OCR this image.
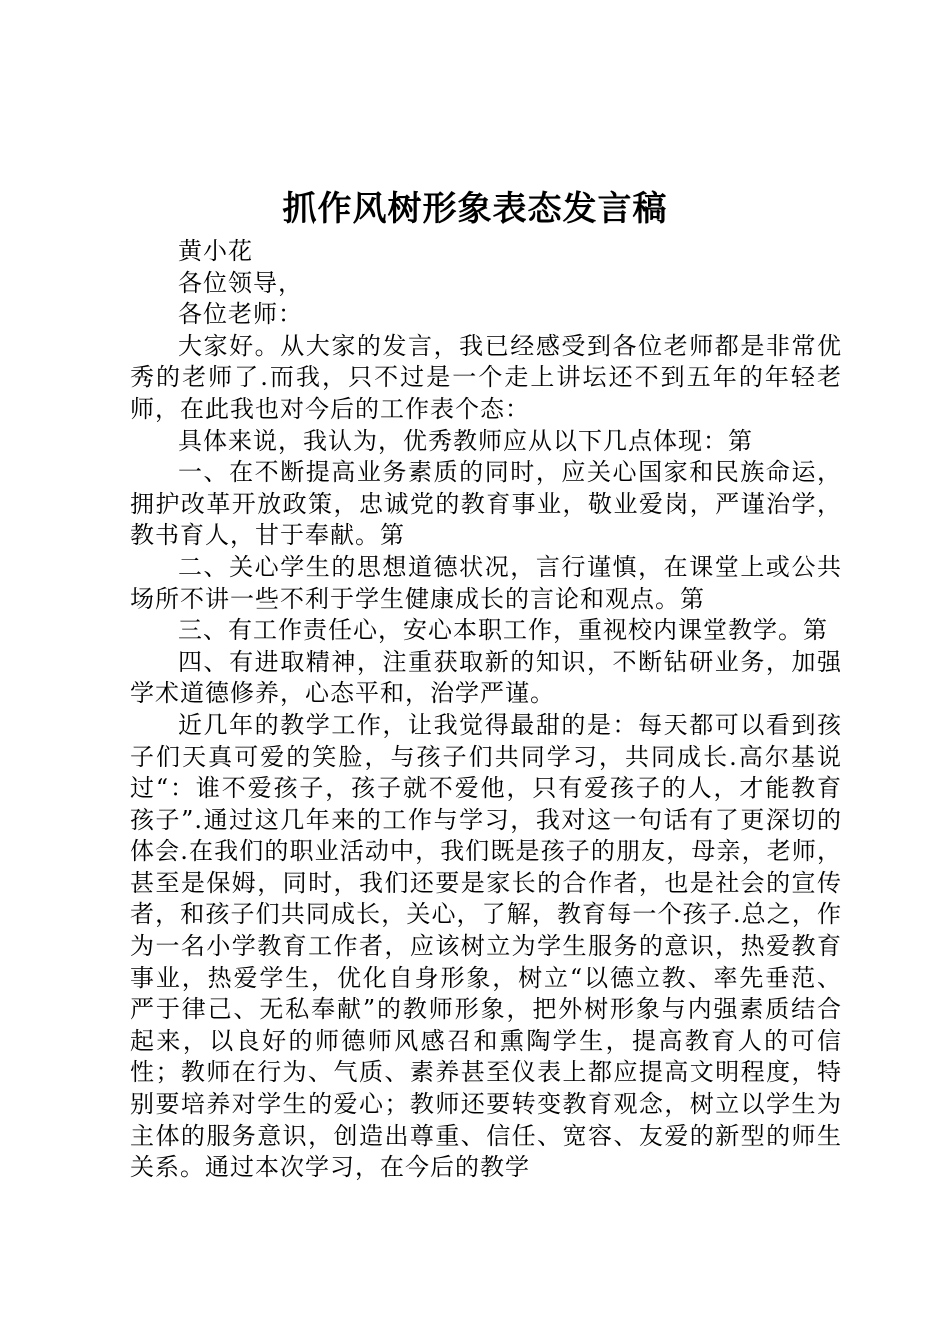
抓作风树形象表态发言稿

黄小花

各位领导，

各位老师：

大家好。从大家的发言，我已经感受到各位老师都是非常优秀的老师了.而我，只不过是一个走上讲坛还不到五年的年轻老师，在此我也对今后的工作表个态：

具体来说，我认为，优秀教师应从以下几点体现：第

一、在不断提高业务素质的同时，应关心国家和民族命运，拥护改革开放政策，忠诚党的教育事业，敬业爱岗，严谨治学，教书育人，甘于奉献。第

二、关心学生的思想道德状况，言行谨慎，在课堂上或公共场所不讲一些不利于学生健康成长的言论和观点。第

三、有工作责任心，安心本职工作，重视校内课堂教学。第

四、有进取精神，注重获取新的知识，不断钻研业务，加强学术道德修养，心态平和，治学严谨。

近几年的教学工作，让我觉得最甜的是：每天都可以看到孩子们天真可爱的笑脸，与孩子们共同学习，共同成长.高尔基说过“：谁不爱孩子，孩子就不爱他，只有爱孩子的人，才能教育孩子”.通过这几年来的工作与学习，我对这一句话有了更深切的体会.在我们的职业活动中，我们既是孩子的朋友，母亲，老师，甚至是保姆，同时，我们还要是家长的合作者，也是社会的宣传者，和孩子们共同成长，关心，了解，教育每一个孩子.总之，作为一名小学教育工作者，应该树立为学生服务的意识，热爱教育事业，热爱学生，优化自身形象，树立“以德立教、率先垂范、严于律己、无私奉献”的教师形象，把外树形象与内强素质结合起来，以良好的师德师风感召和熏陶学生，提高教育人的可信性；教师在行为、气质、素养甚至仪表上都应提高文明程度，特别要培养对学生的爱心；教师还要转变教育观念，树立以学生为主体的服务意识，创造出尊重、信任、宽容、友爱的新型的师生关系。通过本次学习，在今后的教学
